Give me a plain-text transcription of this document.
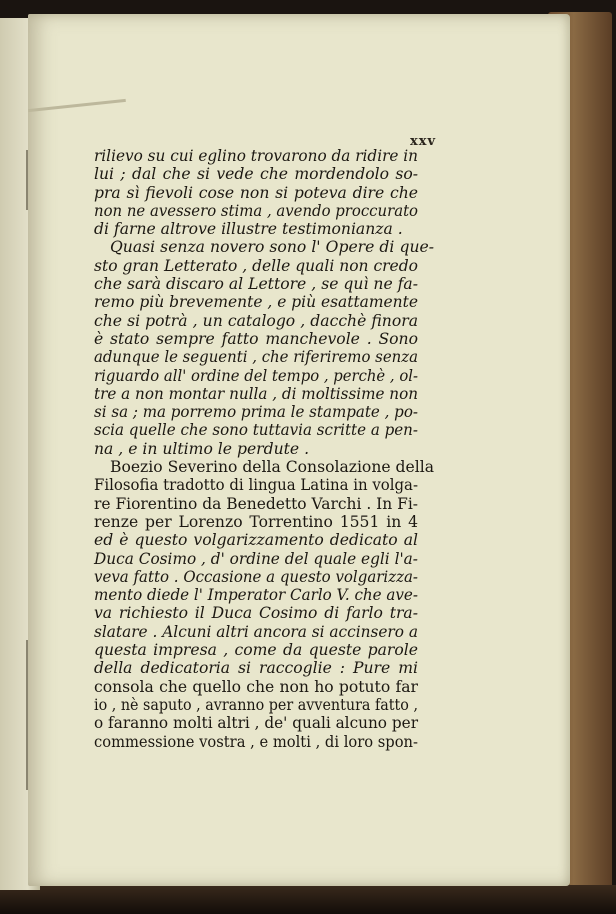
xxv
rilievo su cui eglino trovarono da ridire in
lui ; dal che si vede che mordendolo so-
pra sì fievoli cose non si poteva dire che
non ne avessero stima , avendo proccurato
di farne altrove illustre testimonianza .
Quasi senza novero sono l' Opere di que-
sto gran Letterato , delle quali non credo
che sarà discaro al Lettore , se quì ne fa-
remo più brevemente , e più esattamente
che si potrà , un catalogo , dacchè finora
è stato sempre fatto manchevole . Sono
adunque le seguenti , che riferiremo senza
riguardo all' ordine del tempo , perchè , ol-
tre a non montar nulla , di moltissime non
si sa ; ma porremo prima le stampate , po-
scia quelle che sono tuttavia scritte a pen-
na , e in ultimo le perdute .
Boezio Severino della Consolazione della
Filosofia tradotto di lingua Latina in volga-
re Fiorentino da Benedetto Varchi . In Fi-
renze per Lorenzo Torrentino 1551 in 4
ed è questo volgarizzamento dedicato al
Duca Cosimo , d' ordine del quale egli l'a-
veva fatto . Occasione a questo volgarizza-
mento diede l' Imperator Carlo V. che ave-
va richiesto il Duca Cosimo di farlo tra-
slatare . Alcuni altri ancora si accinsero a
questa impresa , come da queste parole
della dedicatoria si raccoglie : Pure mi
consola che quello che non ho potuto far
io , nè saputo , avranno per avventura fatto ,
o faranno molti altri , de' quali alcuno per
commessione vostra , e molti , di loro spon-
